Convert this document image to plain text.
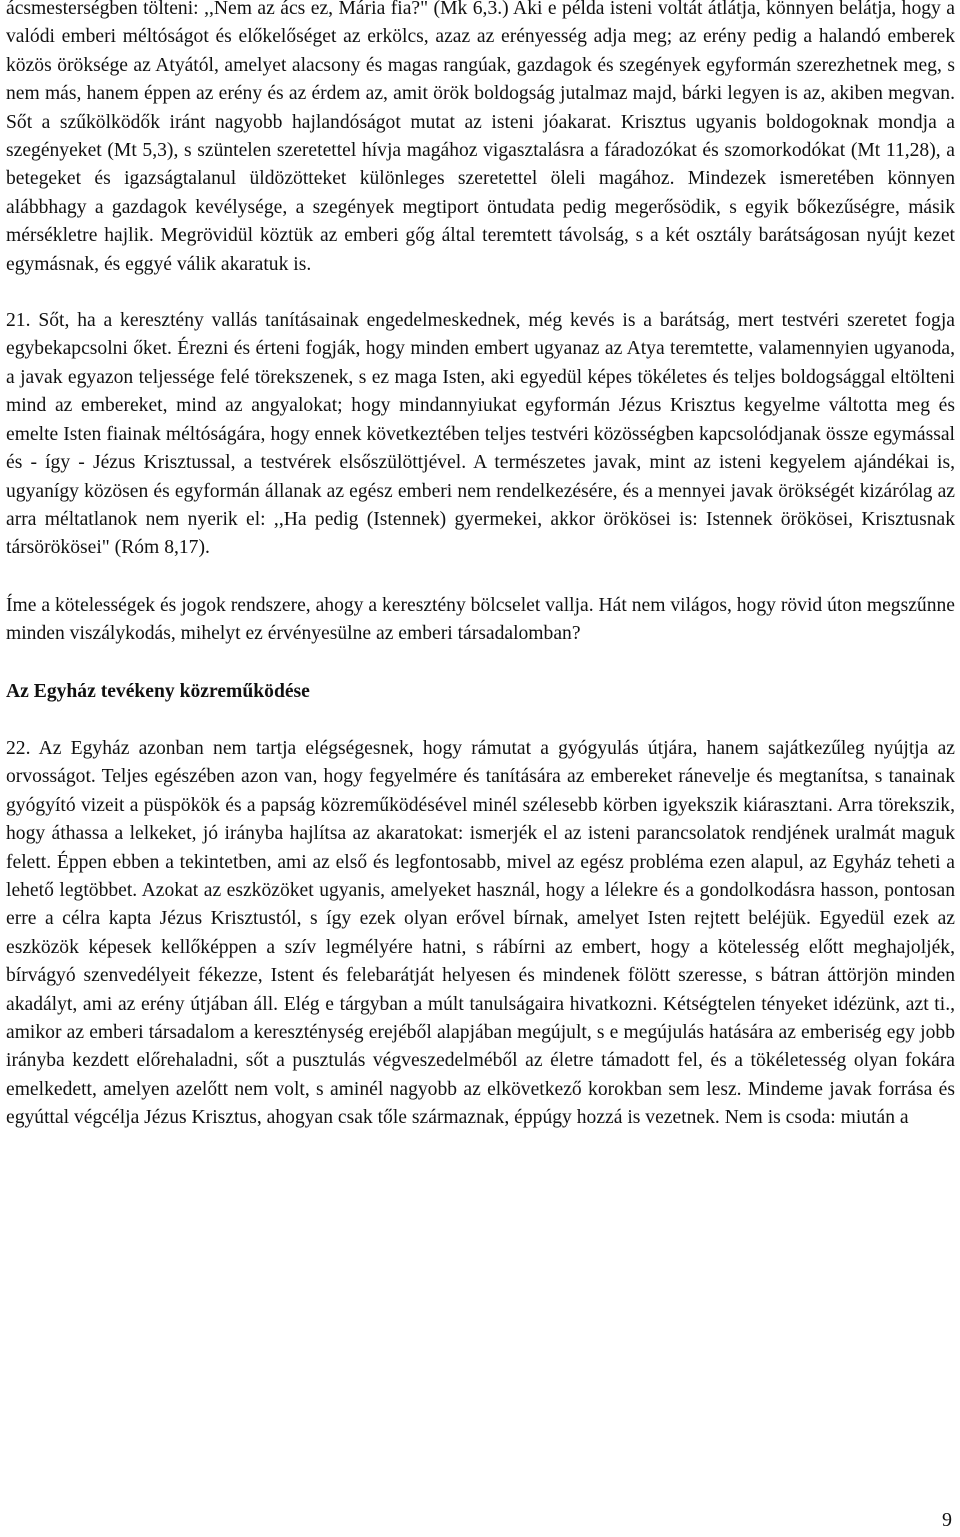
ácsmesterségben tölteni: ,,Nem az ács ez, Mária fia?" (Mk 6,3.) Aki e példa isteni voltát átlátja, könnyen belátja, hogy a valódi emberi méltóságot és előkelőséget az erkölcs, azaz az erényesség adja meg; az erény pedig a halandó emberek közös öröksége az Atyától, amelyet alacsony és magas rangúak, gazdagok és szegények egyformán szerezhetnek meg, s nem más, hanem éppen az erény és az érdem az, amit örök boldogság jutalmaz majd, bárki legyen is az, akiben megvan. Sőt a szűkölködők iránt nagyobb hajlandóságot mutat az isteni jóakarat. Krisztus ugyanis boldogoknak mondja a szegényeket (Mt 5,3), s szüntelen szeretettel hívja magához vigasztalásra a fáradozókat és szomorkodókat (Mt 11,28), a betegeket és igazságtalanul üldözötteket különleges szeretettel öleli magához. Mindezek ismeretében könnyen alábbhagy a gazdagok kevélysége, a szegények megtiport öntudata pedig megerősödik, s egyik bőkezűségre, másik mérsékletre hajlik. Megrövidül köztük az emberi gőg által teremtett távolság, s a két osztály barátságosan nyújt kezet egymásnak, és eggyé válik akaratuk is.

21. Sőt, ha a keresztény vallás tanításainak engedelmeskednek, még kevés is a barátság, mert testvéri szeretet fogja egybekapcsolni őket. Érezni és érteni fogják, hogy minden embert ugyanaz az Atya teremtette, valamennyien ugyanoda, a javak egyazon teljessége felé törekszenek, s ez maga Isten, aki egyedül képes tökéletes és teljes boldogsággal eltölteni mind az embereket, mind az angyalokat; hogy mindannyiukat egyformán Jézus Krisztus kegyelme váltotta meg és emelte Isten fiainak méltóságára, hogy ennek következtében teljes testvéri közösségben kapcsolódjanak össze egymással és - így - Jézus Krisztussal, a testvérek elsőszülöttjével. A természetes javak, mint az isteni kegyelem ajándékai is, ugyanígy közösen és egyformán állanak az egész emberi nem rendelkezésére, és a mennyei javak örökségét kizárólag az arra méltatlanok nem nyerik el: ,,Ha pedig (Istennek) gyermekei, akkor örökösei is: Istennek örökösei, Krisztusnak társörökösei" (Róm 8,17).

Íme a kötelességek és jogok rendszere, ahogy a keresztény bölcselet vallja. Hát nem világos, hogy rövid úton megszűnne minden viszálykodás, mihelyt ez érvényesülne az emberi társadalomban?

Az Egyház tevékeny közreműködése

22. Az Egyház azonban nem tartja elégségesnek, hogy rámutat a gyógyulás útjára, hanem sajátkezűleg nyújtja az orvosságot. Teljes egészében azon van, hogy fegyelmére és tanítására az embereket ránevelje és megtanítsa, s tanainak gyógyító vizeit a püspökök és a papság közreműködésével minél szélesebb körben igyekszik kiárasztani. Arra törekszik, hogy áthassa a lelkeket, jó irányba hajlítsa az akaratokat: ismerjék el az isteni parancsolatok rendjének uralmát maguk felett. Éppen ebben a tekintetben, ami az első és legfontosabb, mivel az egész probléma ezen alapul, az Egyház teheti a lehető legtöbbet. Azokat az eszközöket ugyanis, amelyeket használ, hogy a lélekre és a gondolkodásra hasson, pontosan erre a célra kapta Jézus Krisztustól, s így ezek olyan erővel bírnak, amelyet Isten rejtett beléjük. Egyedül ezek az eszközök képesek kellőképpen a szív legmélyére hatni, s rábírni az embert, hogy a kötelesség előtt meghajoljék, bírvágyó szenvedélyeit fékezze, Istent és felebarátját helyesen és mindenek fölött szeresse, s bátran áttörjön minden akadályt, ami az erény útjában áll. Elég e tárgyban a múlt tanulságaira hivatkozni. Kétségtelen tényeket idézünk, azt ti., amikor az emberi társadalom a kereszténység erejéből alapjában megújult, s e megújulás hatására az emberiség egy jobb irányba kezdett előrehaladni, sőt a pusztulás végveszedelméből az életre támadott fel, és a tökéletesség olyan fokára emelkedett, amelyen azelőtt nem volt, s aminél nagyobb az elkövetkező korokban sem lesz. Mindeme javak forrása és egyúttal végcélja Jézus Krisztus, ahogyan csak tőle származnak, éppúgy hozzá is vezetnek. Nem is csoda: miután a

9
